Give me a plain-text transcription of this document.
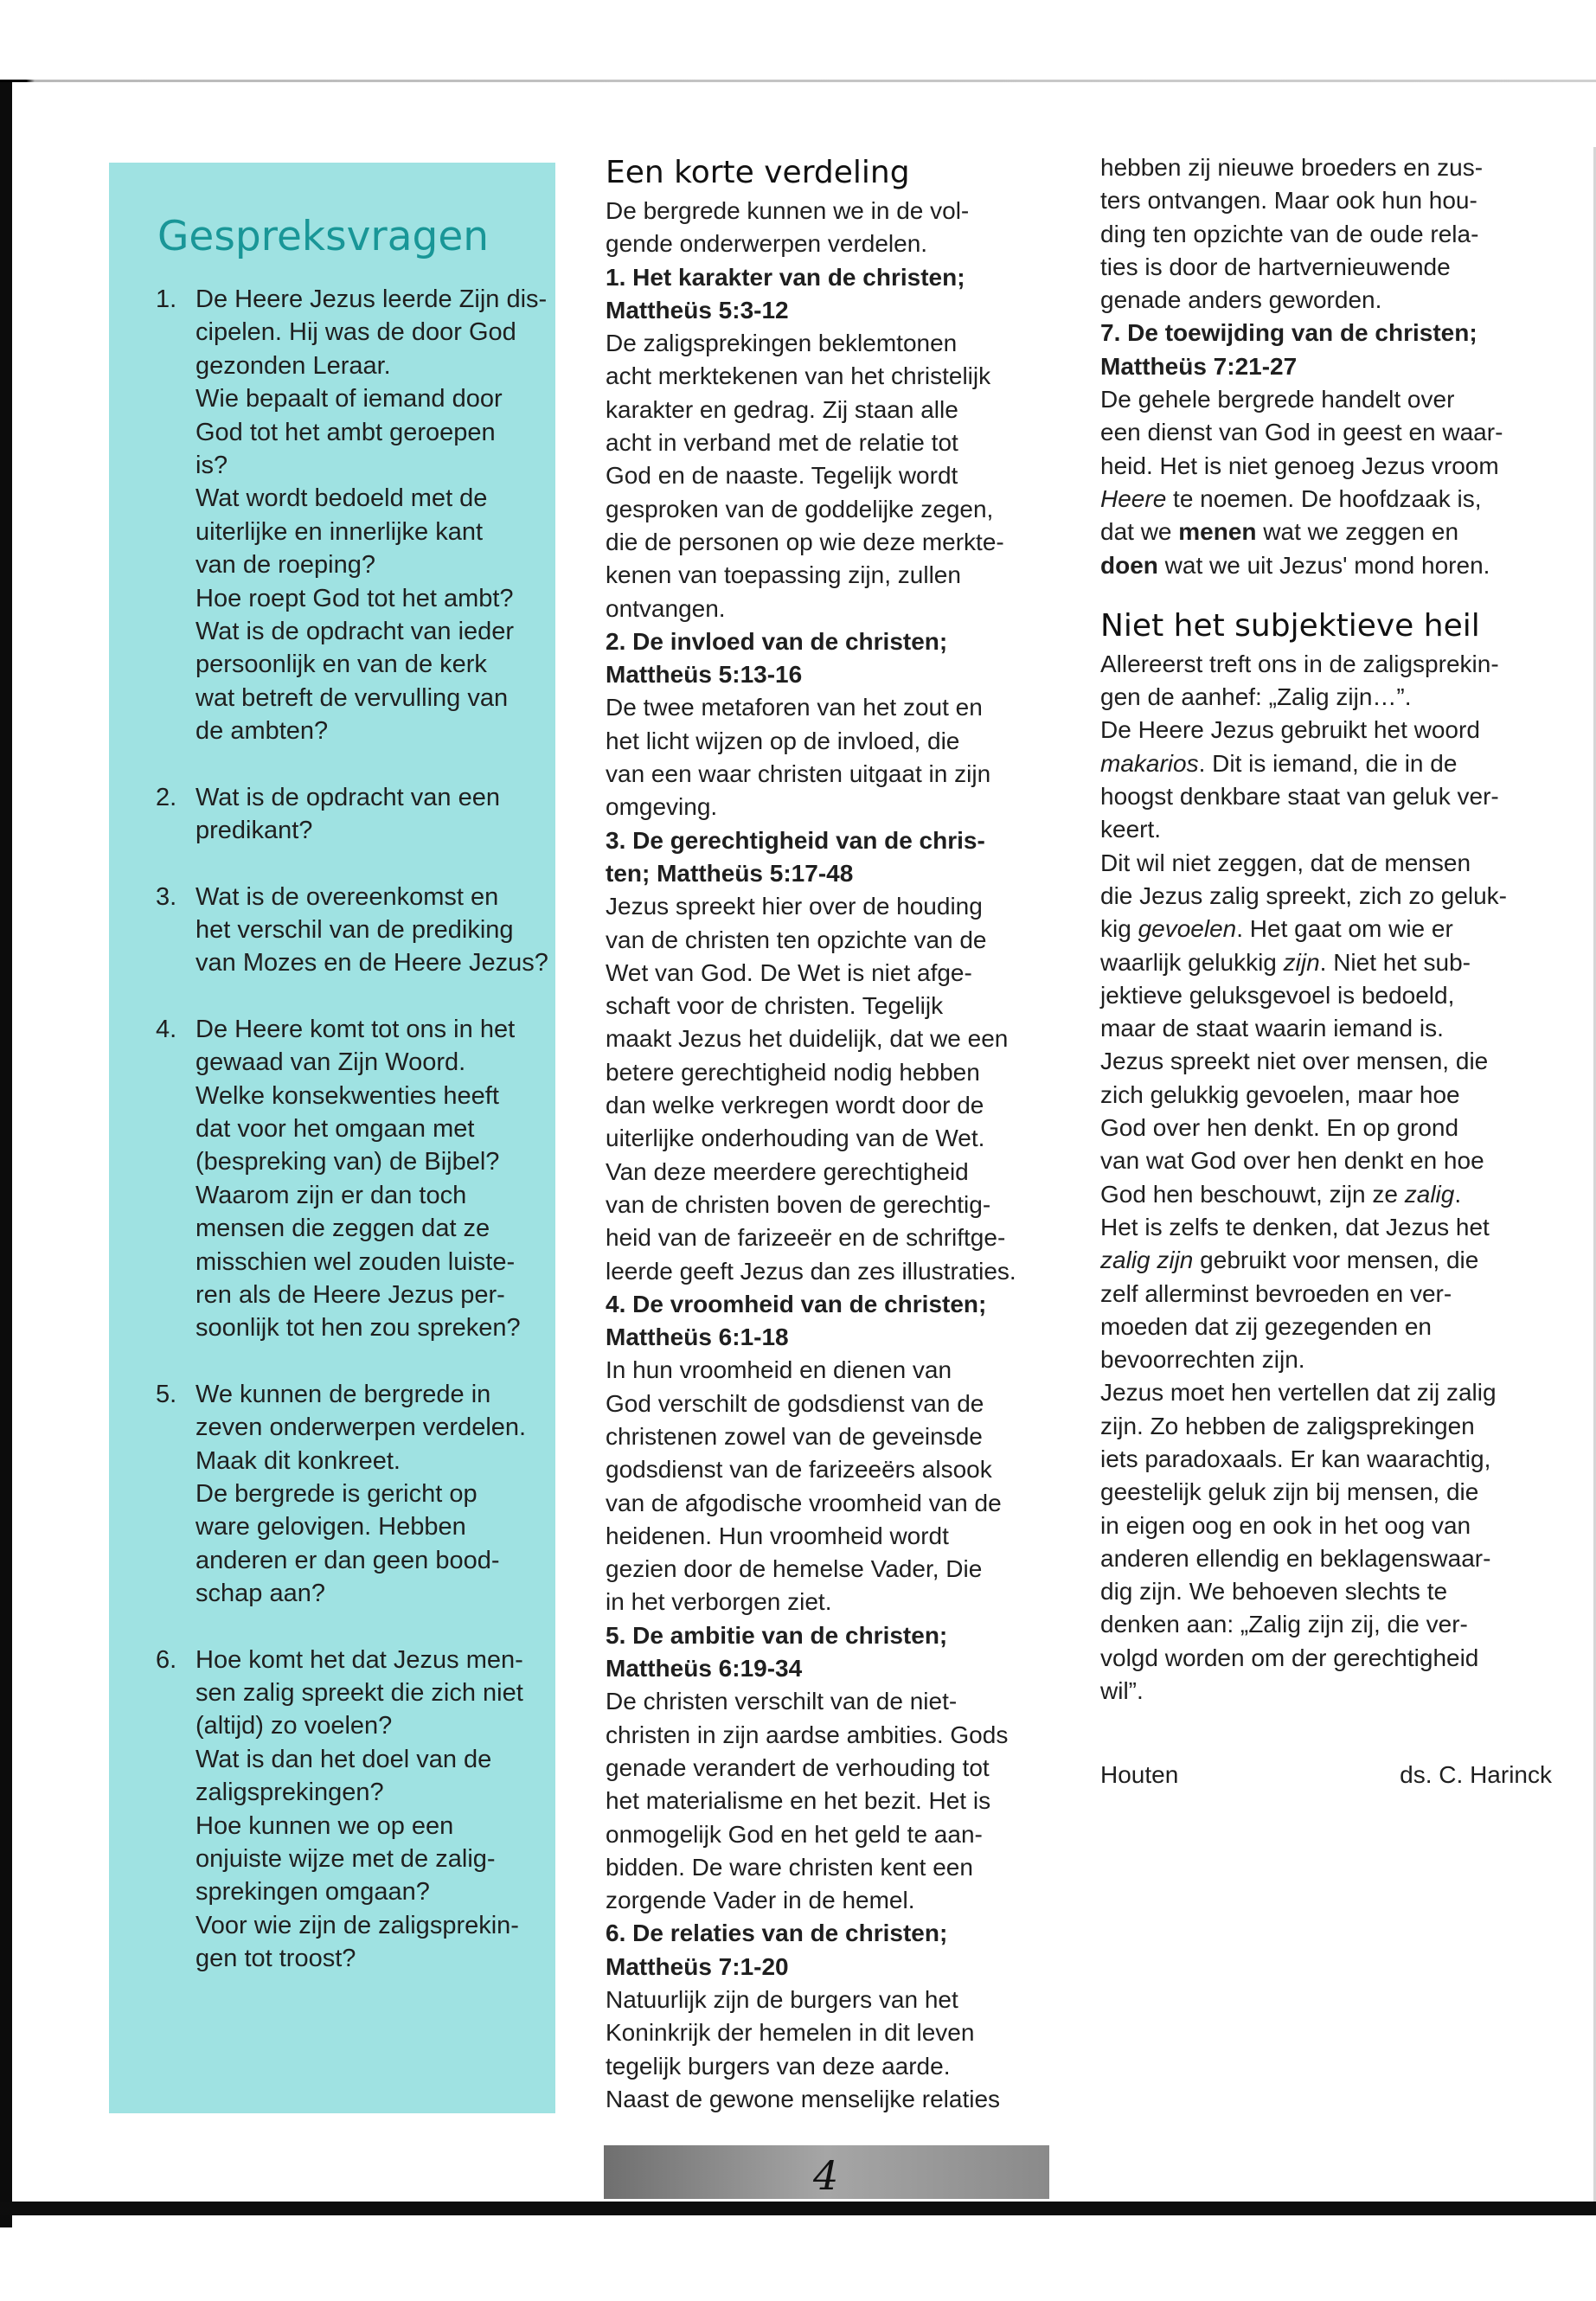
Gespreksvragen
1. De Heere Jezus leerde Zijn dis-
cipelen. Hij was de door God
gezonden Leraar.
Wie bepaalt of iemand door
God tot het ambt geroepen
is?
Wat wordt bedoeld met de
uiterlijke en innerlijke kant
van de roeping?
Hoe roept God tot het ambt?
Wat is de opdracht van ieder
persoonlijk en van de kerk
wat betreft de vervulling van
de ambten?
2. Wat is de opdracht van een
predikant?
3. Wat is de overeenkomst en
het verschil van de prediking
van Mozes en de Heere Jezus?
4. De Heere komt tot ons in het
gewaad van Zijn Woord.
Welke konsekwenties heeft
dat voor het omgaan met
(bespreking van) de Bijbel?
Waarom zijn er dan toch
mensen die zeggen dat ze
misschien wel zouden luiste-
ren als de Heere Jezus per-
soonlijk tot hen zou spreken?
5. We kunnen de bergrede in
zeven onderwerpen verdelen.
Maak dit konkreet.
De bergrede is gericht op
ware gelovigen. Hebben
anderen er dan geen bood-
schap aan?
6. Hoe komt het dat Jezus men-
sen zalig spreekt die zich niet
(altijd) zo voelen?
Wat is dan het doel van de
zaligsprekingen?
Hoe kunnen we op een
onjuiste wijze met de zalig-
sprekingen omgaan?
Voor wie zijn de zaligsprekin-
gen tot troost?
Een korte verdeling
De bergrede kunnen we in de vol-
gende onderwerpen verdelen.
1. Het karakter van de christen;
Mattheüs 5:3-12
De zaligsprekingen beklemtonen
acht merktekenen van het christelijk
karakter en gedrag. Zij staan alle
acht in verband met de relatie tot
God en de naaste. Tegelijk wordt
gesproken van de goddelijke zegen,
die de personen op wie deze merkte-
kenen van toepassing zijn, zullen
ontvangen.
2. De invloed van de christen;
Mattheüs 5:13-16
De twee metaforen van het zout en
het licht wijzen op de invloed, die
van een waar christen uitgaat in zijn
omgeving.
3. De gerechtigheid van de chris-
ten; Mattheüs 5:17-48
Jezus spreekt hier over de houding
van de christen ten opzichte van de
Wet van God. De Wet is niet afge-
schaft voor de christen. Tegelijk
maakt Jezus het duidelijk, dat we een
betere gerechtigheid nodig hebben
dan welke verkregen wordt door de
uiterlijke onderhouding van de Wet.
Van deze meerdere gerechtigheid
van de christen boven de gerechtig-
heid van de farizeeër en de schriftge-
leerde geeft Jezus dan zes illustraties.
4. De vroomheid van de christen;
Mattheüs 6:1-18
In hun vroomheid en dienen van
God verschilt de godsdienst van de
christenen zowel van de geveinsde
godsdienst van de farizeeërs alsook
van de afgodische vroomheid van de
heidenen. Hun vroomheid wordt
gezien door de hemelse Vader, Die
in het verborgen ziet.
5. De ambitie van de christen;
Mattheüs 6:19-34
De christen verschilt van de niet-
christen in zijn aardse ambities. Gods
genade verandert de verhouding tot
het materialisme en het bezit. Het is
onmogelijk God en het geld te aan-
bidden. De ware christen kent een
zorgende Vader in de hemel.
6. De relaties van de christen;
Mattheüs 7:1-20
Natuurlijk zijn de burgers van het
Koninkrijk der hemelen in dit leven
tegelijk burgers van deze aarde.
Naast de gewone menselijke relaties
hebben zij nieuwe broeders en zus-
ters ontvangen. Maar ook hun hou-
ding ten opzichte van de oude rela-
ties is door de hartvernieuwende
genade anders geworden.
7. De toewijding van de christen;
Mattheüs 7:21-27
De gehele bergrede handelt over
een dienst van God in geest en waar-
heid. Het is niet genoeg Jezus vroom
Heere te noemen. De hoofdzaak is,
dat we menen wat we zeggen en
doen wat we uit Jezus' mond horen.
Niet het subjektieve heil
Allereerst treft ons in de zaligsprekin-
gen de aanhef: „Zalig zijn…”.
De Heere Jezus gebruikt het woord
makarios. Dit is iemand, die in de
hoogst denkbare staat van geluk ver-
keert.
Dit wil niet zeggen, dat de mensen
die Jezus zalig spreekt, zich zo geluk-
kig gevoelen. Het gaat om wie er
waarlijk gelukkig zijn. Niet het sub-
jektieve geluksgevoel is bedoeld,
maar de staat waarin iemand is.
Jezus spreekt niet over mensen, die
zich gelukkig gevoelen, maar hoe
God over hen denkt. En op grond
van wat God over hen denkt en hoe
God hen beschouwt, zijn ze zalig.
Het is zelfs te denken, dat Jezus het
zalig zijn gebruikt voor mensen, die
zelf allerminst bevroeden en ver-
moeden dat zij gezegenden en
bevoorrechten zijn.
Jezus moet hen vertellen dat zij zalig
zijn. Zo hebben de zaligsprekingen
iets paradoxaals. Er kan waarachtig,
geestelijk geluk zijn bij mensen, die
in eigen oog en ook in het oog van
anderen ellendig en beklagenswaar-
dig zijn. We behoeven slechts te
denken aan: „Zalig zijn zij, die ver-
volgd worden om der gerechtigheid
wil”.
Houten	ds. C. Harinck
4
